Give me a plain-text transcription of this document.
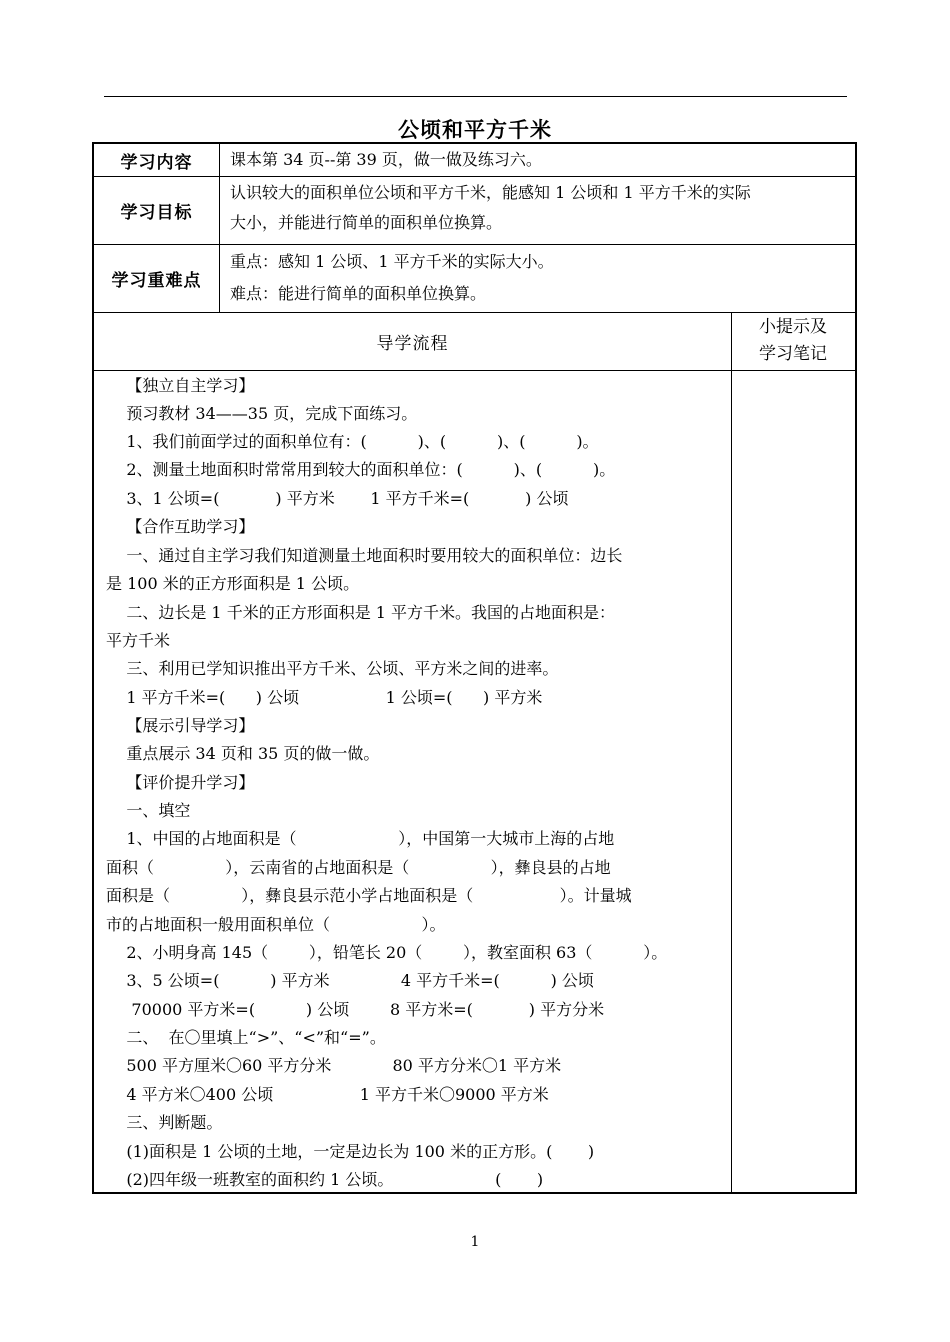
公顷和平方千米
学习内容	课本第 34 页--第 39 页，做一做及练习六。
学习目标
认识较大的面积单位公顷和平方千米，能感知 1 公顷和 1 平方千米的实际
大小，并能进行简单的面积单位换算。
学习重难点
重点：感知 1 公顷、1 平方千米的实际大小。
难点：能进行简单的面积单位换算。
导学流程
小提示及
学习笔记
【独立自主学习】
预习教材 34——35 页，完成下面练习。
1、我们前面学过的面积单位有：(          )、(          )、(          )。
2、测量土地面积时常常用到较大的面积单位：(          )、(          )。
3、1 公顷=(           ) 平方米       1 平方千米=(           ) 公顷
【合作互助学习】
一、通过自主学习我们知道测量土地面积时要用较大的面积单位：边长
是 100 米的正方形面积是 1 公顷。
二、边长是 1 千米的正方形面积是 1 平方千米。我国的占地面积是：
平方千米
三、利用已学知识推出平方千米、公顷、平方米之间的进率。
1 平方千米=(      ) 公顷                 1 公顷=(      ) 平方米
【展示引导学习】
重点展示 34 页和 35 页的做一做。
【评价提升学习】
一、填空
1、中国的占地面积是（                    ），中国第一大城市上海的占地
面积（              ），云南省的占地面积是（                ），彝良县的占地
面积是（              ），彝良县示范小学占地面积是（                 ）。计量城
市的占地面积一般用面积单位（                  ）。
2、小明身高 145（        ），铅笔长 20（        ），教室面积 63（          ）。
3、5 公顷=(          ) 平方米              4 平方千米=(          ) 公顷
70000 平方米=(          ) 公顷        8 平方米=(           ) 平方分米
二、  在〇里填上“>”、“<”和“=”。
500 平方厘米〇60 平方分米            80 平方分米〇1 平方米
4 平方米〇400 公顷                 1 平方千米〇9000 平方米
三、判断题。
(1)面积是 1 公顷的土地，一定是边长为 100 米的正方形。(       )
(2)四年级一班教室的面积约 1 公顷。                    (       )
1
